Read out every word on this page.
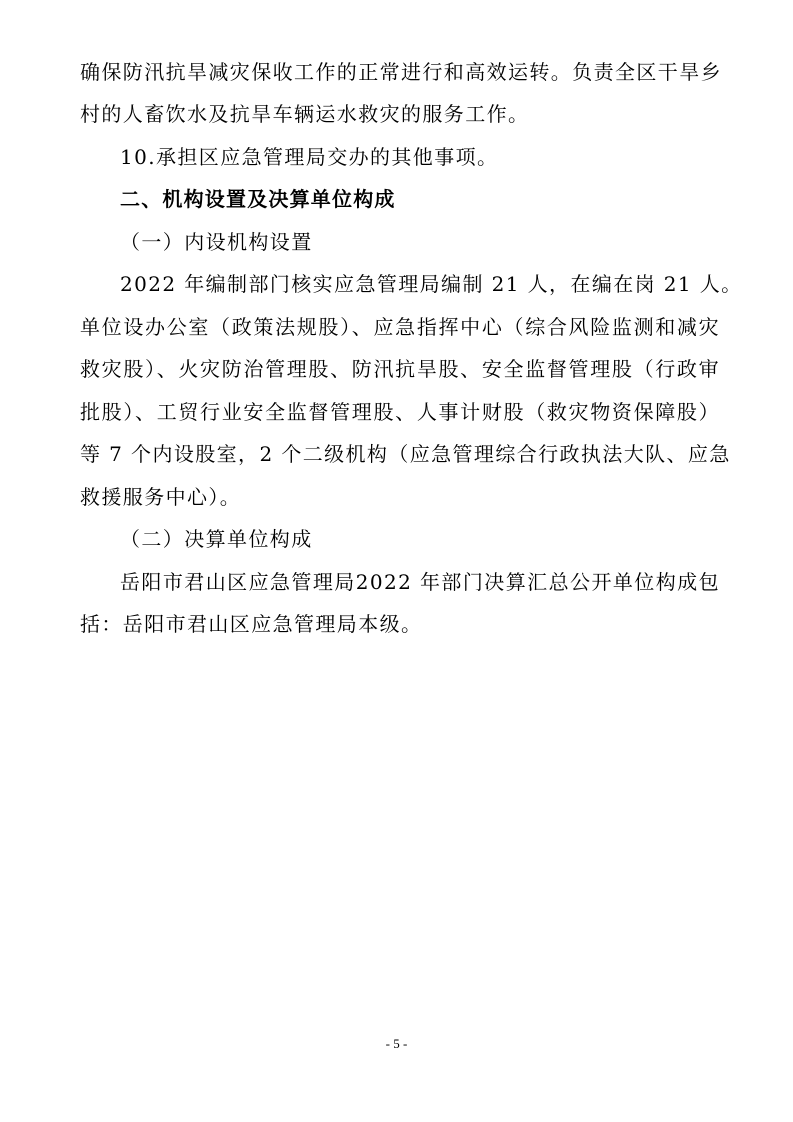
确保防汛抗旱减灾保收工作的正常进行和高效运转。负责全区干旱乡
村的人畜饮水及抗旱车辆运水救灾的服务工作。
10.承担区应急管理局交办的其他事项。
二、机构设置及决算单位构成
（一）内设机构设置
2022 年编制部门核实应急管理局编制 21 人，在编在岗 21 人。
单位设办公室（政策法规股）、应急指挥中心（综合风险监测和减灾
救灾股）、火灾防治管理股、防汛抗旱股、安全监督管理股（行政审
批股）、工贸行业安全监督管理股、人事计财股（救灾物资保障股）
等 7 个内设股室，2 个二级机构（应急管理综合行政执法大队、应急
救援服务中心）。
（二）决算单位构成
岳阳市君山区应急管理局2022 年部门决算汇总公开单位构成包
括：岳阳市君山区应急管理局本级。
- 5 -
